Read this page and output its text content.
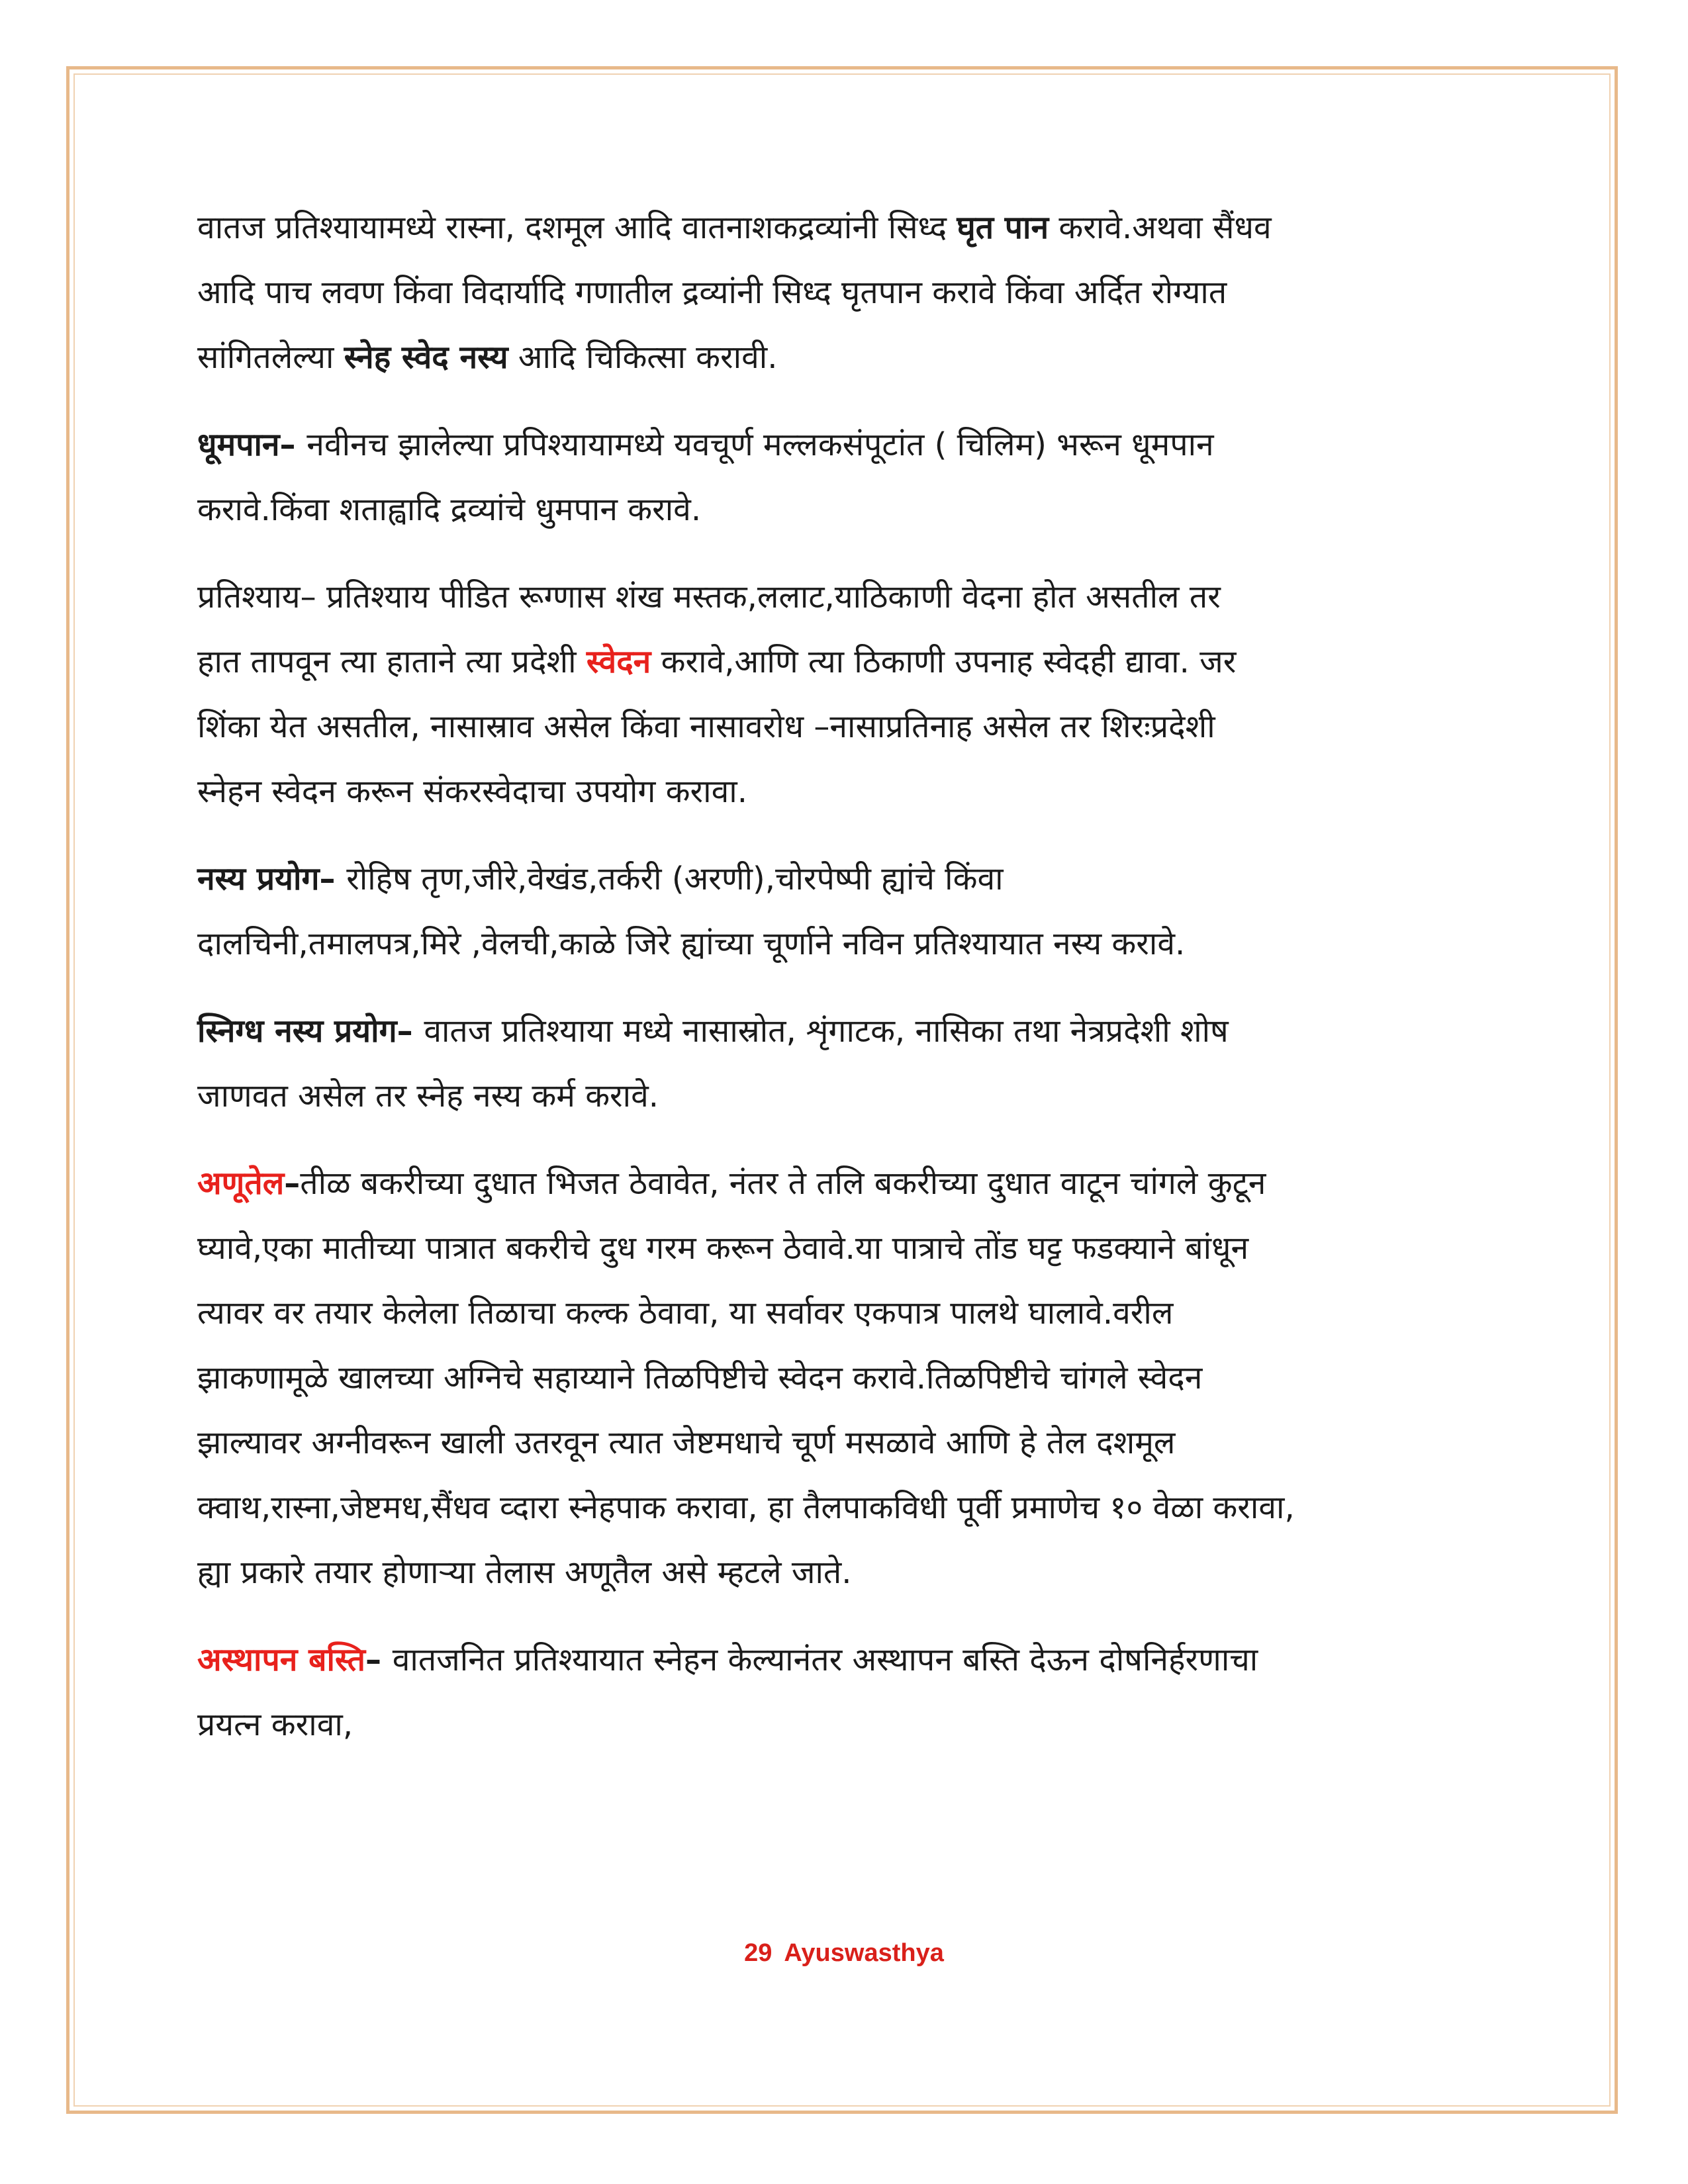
वातज प्रतिश्यायामध्ये रास्ना, दशमूल आदि वातनाशकद्रव्यांनी सिध्द घृत पान करावे.अथवा सैंधव
आदि पाच लवण किंवा विदार्यादि गणातील द्रव्यांनी सिध्द घृतपान करावे किंवा अर्दित रोग्यात
सांगितलेल्या स्नेह स्वेद नस्य आदि चिकित्सा करावी.
धूमपान– नवीनच झालेल्या प्रपिश्यायामध्ये यवचूर्ण मल्लकसंपूटांत ( चिलिम) भरून धूमपान
करावे.किंवा शताह्वादि द्रव्यांचे धुमपान करावे.
प्रतिश्याय– प्रतिश्याय पीडित रूग्णास शंख मस्तक,ललाट,याठिकाणी वेदना होत असतील तर
हात तापवून त्या हाताने त्या प्रदेशी स्वेदन करावे,आणि त्या ठिकाणी उपनाह स्वेदही द्यावा. जर
शिंका येत असतील, नासास्राव असेल किंवा नासावरोध –नासाप्रतिनाह असेल तर शिरःप्रदेशी
स्नेहन स्वेदन करून संकरस्वेदाचा उपयोग करावा.
नस्य प्रयोग– रोहिष तृण,जीरे,वेखंड,तर्करी (अरणी),चोरपेष्पी ह्यांचे किंवा
दालचिनी,तमालपत्र,मिरे ,वेलची,काळे जिरे ह्यांच्या चूर्णाने नविन प्रतिश्यायात नस्य करावे.
स्निग्ध नस्य प्रयोग– वातज प्रतिश्याया मध्ये नासास्रोत, शृंगाटक, नासिका तथा नेत्रप्रदेशी शोष
जाणवत असेल तर स्नेह नस्य कर्म करावे.
अणूतेल–तीळ बकरीच्या दुधात भिजत ठेवावेत, नंतर ते तलि बकरीच्या दुधात वाटून चांगले कुटून
घ्यावे,एका मातीच्या पात्रात बकरीचे दुध गरम करून ठेवावे.या पात्राचे तोंड घट्ट फडक्याने बांधून
त्यावर वर तयार केलेला तिळाचा कल्क ठेवावा, या सर्वावर एकपात्र पालथे घालावे.वरील
झाकणामूळे खालच्या अग्निचे सहाय्याने तिळपिष्टीचे स्वेदन करावे.तिळपिष्टीचे चांगले स्वेदन
झाल्यावर अग्नीवरून खाली उतरवून त्यात जेष्टमधाचे चूर्ण मसळावे आणि हे तेल दशमूल
क्वाथ,रास्ना,जेष्टमध,सैंधव व्दारा स्नेहपाक करावा, हा तैलपाकविधी पूर्वी प्रमाणेच १० वेळा करावा,
ह्या प्रकारे तयार होणाऱ्या तेलास अणूतैल असे म्हटले जाते.
अस्थापन बस्ति– वातजनित प्रतिश्यायात स्नेहन केल्यानंतर अस्थापन बस्ति देऊन दोषनिर्हरणाचा
प्रयत्न करावा,
29 Ayuswasthya
